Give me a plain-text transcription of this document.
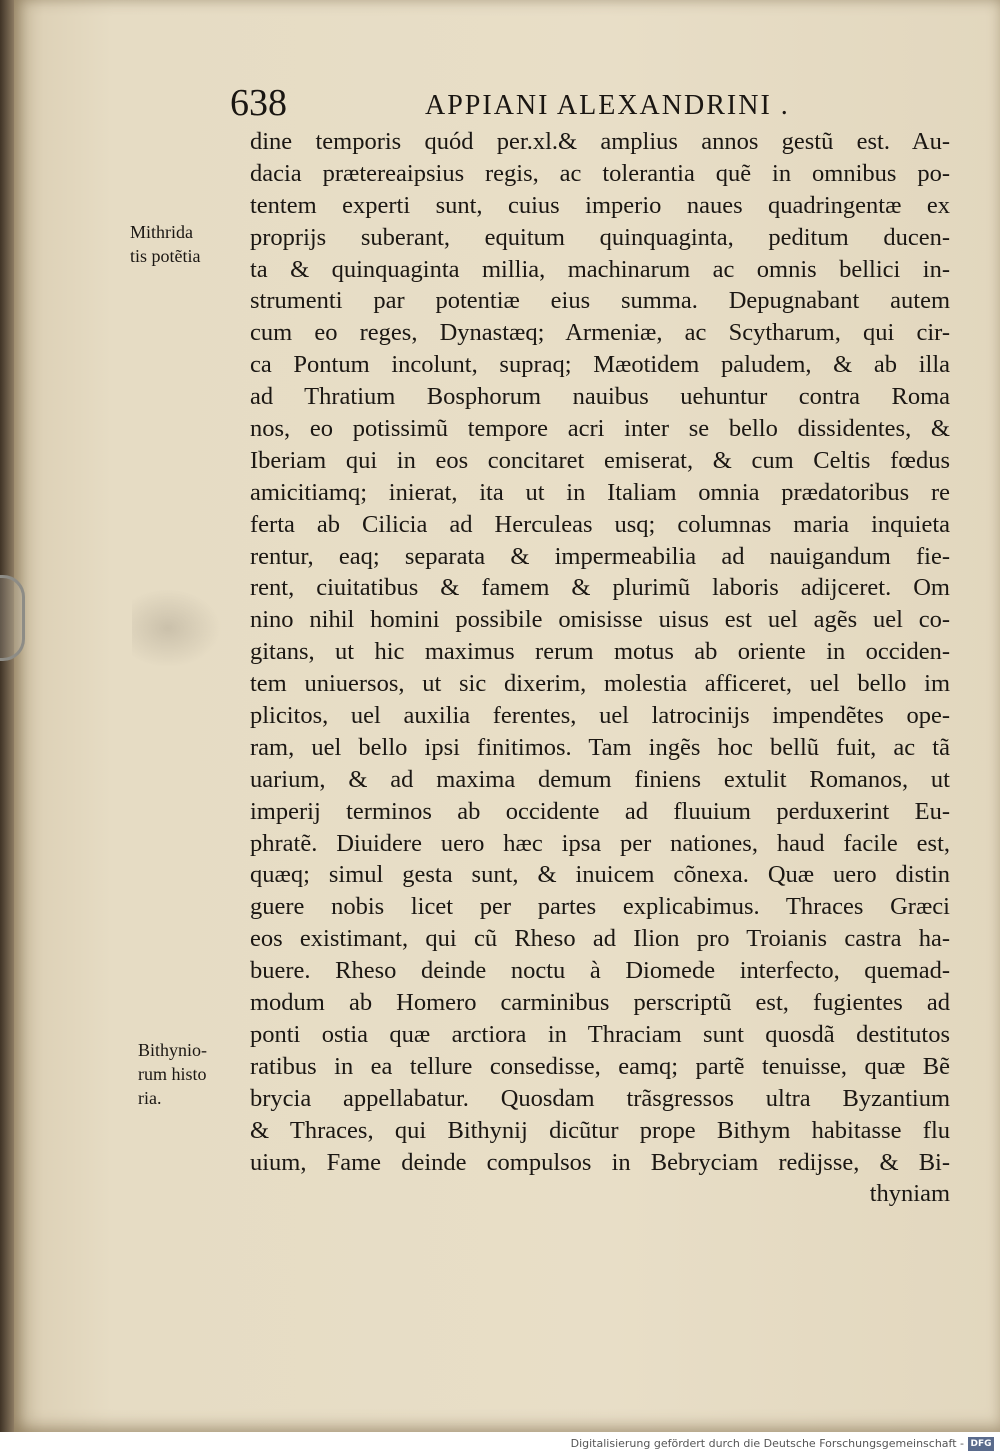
638	APPIANI ALEXANDRINI .
Mithrida
tis potẽtia
Bithynio-
rum histo
ria.
dine temporis quód per.xl.& amplius annos gestũ est. Au-
dacia prætereaipsius regis, ac tolerantia quẽ in omnibus po-
tentem experti sunt, cuius imperio naues quadringentæ ex
proprijs suberant, equitum quinquaginta, peditum ducen-
ta & quinquaginta millia, machinarum ac omnis bellici in-
strumenti par potentiæ eius summa. Depugnabant autem
cum eo reges, Dynastæq; Armeniæ, ac Scytharum, qui cir-
ca Pontum incolunt, supraq; Mæotidem paludem, & ab illa
ad Thratium Bosphorum nauibus uehuntur contra Roma
nos, eo potissimũ tempore acri inter se bello dissidentes, &
Iberiam qui in eos concitaret emiserat, & cum Celtis fœdus
amicitiamq; inierat, ita ut in Italiam omnia prædatoribus re
ferta ab Cilicia ad Herculeas usq; columnas maria inquieta
rentur, eaq; separata & impermeabilia ad nauigandum fie-
rent, ciuitatibus & famem & plurimũ laboris adijceret. Om
nino nihil homini possibile omisisse uisus est uel agẽs uel co-
gitans, ut hic maximus rerum motus ab oriente in occiden-
tem uniuersos, ut sic dixerim, molestia afficeret, uel bello im
plicitos, uel auxilia ferentes, uel latrocinijs impendẽtes ope-
ram, uel bello ipsi finitimos. Tam ingẽs hoc bellũ fuit, ac tã
uarium, & ad maxima demum finiens extulit Romanos, ut
imperij terminos ab occidente ad fluuium perduxerint Eu-
phratẽ. Diuidere uero hæc ipsa per nationes, haud facile est,
quæq; simul gesta sunt, & inuicem cõnexa. Quæ uero distin
guere nobis licet per partes explicabimus. Thraces Græci
eos existimant, qui cũ Rheso ad Ilion pro Troianis castra ha-
buere. Rheso deinde noctu à Diomede interfecto, quemad-
modum ab Homero carminibus perscriptũ est, fugientes ad
ponti ostia quæ arctiora in Thraciam sunt quosdã destitutos
ratibus in ea tellure consedisse, eamq; partẽ tenuisse, quæ Bẽ
brycia appellabatur. Quosdam trãsgressos ultra Byzantium
& Thraces, qui Bithynij dicũtur prope Bithym habitasse flu
uium, Fame deinde compulsos in Bebryciam redijsse, & Bi-
thyniam
Digitalisierung gefördert durch die Deutsche Forschungsgemeinschaft - DFG
